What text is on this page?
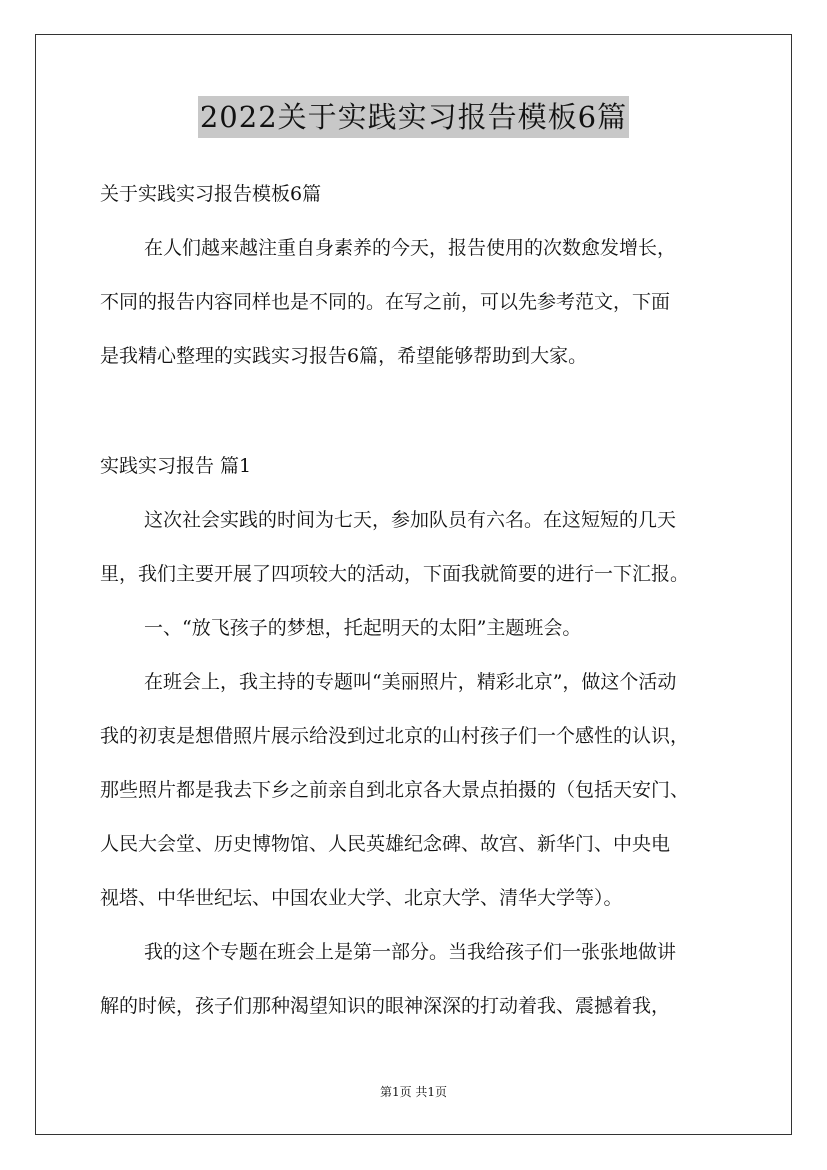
2022关于实践实习报告模板6篇
关于实践实习报告模板6篇
在人们越来越注重自身素养的今天，报告使用的次数愈发增长，
不同的报告内容同样也是不同的。在写之前，可以先参考范文，下面
是我精心整理的实践实习报告6篇，希望能够帮助到大家。
实践实习报告 篇1
这次社会实践的时间为七天，参加队员有六名。在这短短的几天
里，我们主要开展了四项较大的活动，下面我就简要的进行一下汇报。
一、“放飞孩子的梦想，托起明天的太阳”主题班会。
在班会上，我主持的专题叫“美丽照片，精彩北京”，做这个活动
我的初衷是想借照片展示给没到过北京的山村孩子们一个感性的认识，
那些照片都是我去下乡之前亲自到北京各大景点拍摄的（包括天安门、
人民大会堂、历史博物馆、人民英雄纪念碑、故宫、新华门、中央电
视塔、中华世纪坛、中国农业大学、北京大学、清华大学等）。
我的这个专题在班会上是第一部分。当我给孩子们一张张地做讲
解的时候，孩子们那种渴望知识的眼神深深的打动着我、震撼着我，
第1页 共1页
